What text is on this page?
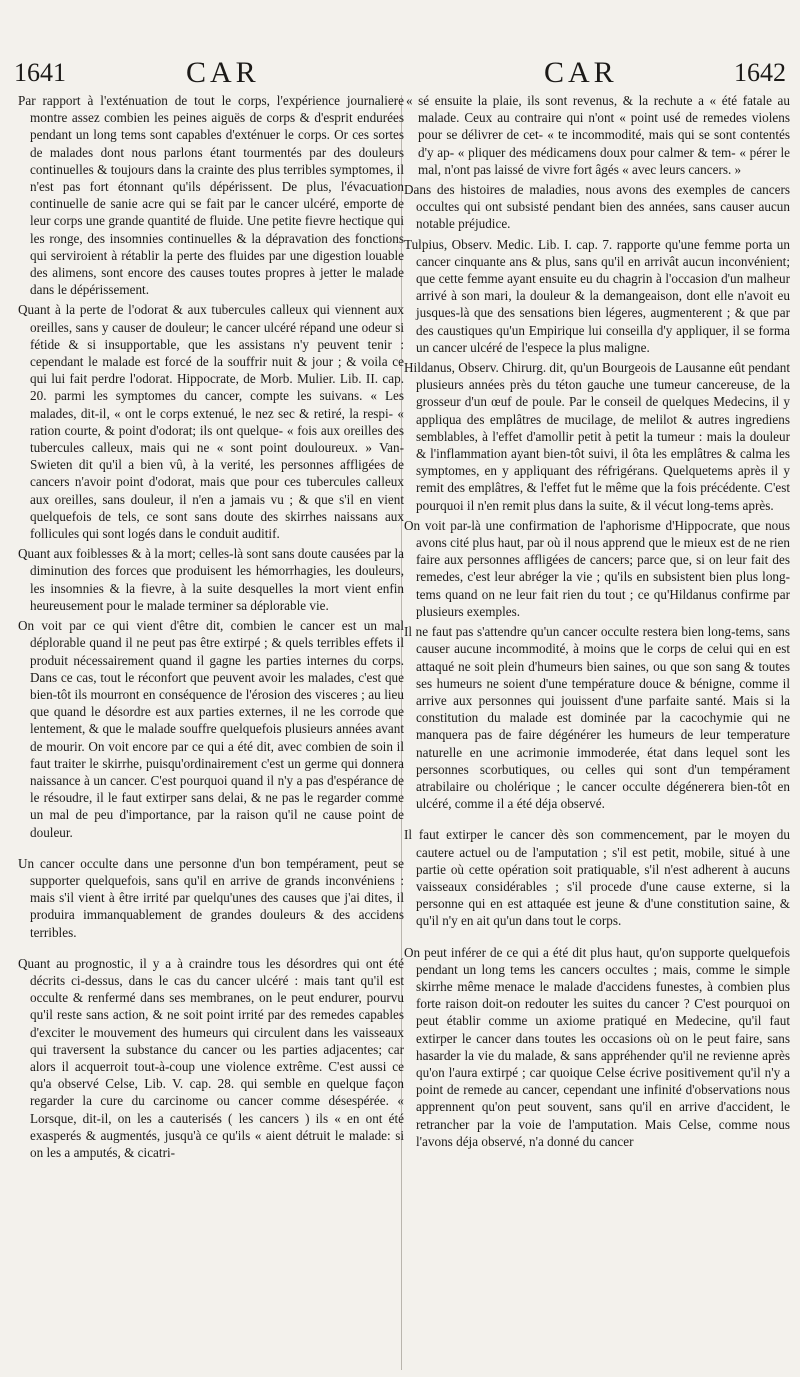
1641	CAR	CAR	1642

Par rapport à l'exténuation de tout le corps, l'expérience journaliere montre assez combien les peines aiguës de corps & d'esprit endurées pendant un long tems sont capables d'exténuer le corps. Or ces sortes de malades dont nous parlons étant tourmentés par des douleurs continuelles & toujours dans la crainte des plus terribles symptomes, il n'est pas fort étonnant qu'ils dépérissent. De plus, l'évacuation continuelle de sanie acre qui se fait par le cancer ulcéré, emporte de leur corps une grande quantité de fluide. Une petite fievre hectique qui les ronge, des insomnies continuelles & la dépravation des fonctions qui serviroient à rétablir la perte des fluides par une digestion louable des alimens, sont encore des causes toutes propres à jetter le malade dans le dépérissement.

Quant à la perte de l'odorat & aux tubercules calleux qui viennent aux oreilles, sans y causer de douleur; le cancer ulcéré répand une odeur si fétide & si insupportable, que les assistans n'y peuvent tenir : cependant le malade est forcé de la souffrir nuit & jour ; & voila ce qui lui fait perdre l'odorat. Hippocrate, de Morb. Mulier. Lib. II. cap. 20. parmi les symptomes du cancer, compte les suivans. « Les malades, dit-il, « ont le corps extenué, le nez sec & retiré, la respi- « ration courte, & point d'odorat; ils ont quelque- « fois aux oreilles des tubercules calleux, mais qui ne « sont point douloureux. » Van-Swieten dit qu'il a bien vû, à la verité, les personnes affligées de cancers n'avoir point d'odorat, mais que pour ces tubercules calleux aux oreilles, sans douleur, il n'en a jamais vu ; & que s'il en vient quelquefois de tels, ce sont sans doute des skirrhes naissans aux follicules qui sont logés dans le conduit auditif.

Quant aux foiblesses & à la mort; celles-là sont sans doute causées par la diminution des forces que produisent les hémorrhagies, les douleurs, les insomnies & la fievre, à la suite desquelles la mort vient enfin heureusement pour le malade terminer sa déplorable vie.

On voit par ce qui vient d'être dit, combien le cancer est un mal déplorable quand il ne peut pas être extirpé ; & quels terribles effets il produit nécessairement quand il gagne les parties internes du corps. Dans ce cas, tout le réconfort que peuvent avoir les malades, c'est que bien-tôt ils mourront en conséquence de l'érosion des visceres ; au lieu que quand le désordre est aux parties externes, il ne les corrode que lentement, & que le malade souffre quelquefois plusieurs années avant de mourir. On voit encore par ce qui a été dit, avec combien de soin il faut traiter le skirrhe, puisqu'ordinairement c'est un germe qui donnera naissance à un cancer. C'est pourquoi quand il n'y a pas d'espérance de le résoudre, il le faut extirper sans delai, & ne pas le regarder comme un mal de peu d'importance, par la raison qu'il ne cause point de douleur.

Un cancer occulte dans une personne d'un bon tempérament, peut se supporter quelquefois, sans qu'il en arrive de grands inconvéniens : mais s'il vient à être irrité par quelqu'unes des causes que j'ai dites, il produira immanquablement de grandes douleurs & des accidens terribles.

Quant au prognostic, il y a à craindre tous les désordres qui ont été décrits ci-dessus, dans le cas du cancer ulcéré : mais tant qu'il est occulte & renfermé dans ses membranes, on le peut endurer, pourvu qu'il reste sans action, & ne soit point irrité par des remedes capables d'exciter le mouvement des humeurs qui circulent dans les vaisseaux qui traversent la substance du cancer ou les parties adjacentes; car alors il acquerroit tout-à-coup une violence extrême. C'est aussi ce qu'a observé Celse, Lib. V. cap. 28. qui semble en quelque façon regarder la cure du carcinome ou cancer comme désespérée. « Lorsque, dit-il, on les a cauterisés ( les cancers ) ils « en ont été exasperés & augmentés, jusqu'à ce qu'ils « aient détruit le malade: si on les a amputés, & cicatri-

« sé ensuite la plaie, ils sont revenus, & la rechute a « été fatale au malade. Ceux au contraire qui n'ont « point usé de remedes violens pour se délivrer de cet- « te incommodité, mais qui se sont contentés d'y ap- « pliquer des médicamens doux pour calmer & tem- « pérer le mal, n'ont pas laissé de vivre fort âgés « avec leurs cancers. »

Dans des histoires de maladies, nous avons des exemples de cancers occultes qui ont subsisté pendant bien des années, sans causer aucun notable préjudice.

Tulpius, Observ. Medic. Lib. I. cap. 7. rapporte qu'une femme porta un cancer cinquante ans & plus, sans qu'il en arrivât aucun inconvénient; que cette femme ayant ensuite eu du chagrin à l'occasion d'un malheur arrivé à son mari, la douleur & la demangeaison, dont elle n'avoit eu jusques-là que des sensations bien légeres, augmenterent ; & que par des caustiques qu'un Empirique lui conseilla d'y appliquer, il se forma un cancer ulcéré de l'espece la plus maligne.

Hildanus, Observ. Chirurg. dit, qu'un Bourgeois de Lausanne eût pendant plusieurs années près du téton gauche une tumeur cancereuse, de la grosseur d'un œuf de poule. Par le conseil de quelques Medecins, il y appliqua des emplâtres de mucilage, de melilot & autres ingrediens semblables, à l'effet d'amollir petit à petit la tumeur : mais la douleur & l'inflammation ayant bien-tôt suivi, il ôta les emplâtres & calma les symptomes, en y appliquant des réfrigérans. Quelquetems après il y remit des emplâtres, & l'effet fut le même que la fois précédente. C'est pourquoi il n'en remit plus dans la suite, & il vécut long-tems après.

On voit par-là une confirmation de l'aphorisme d'Hippocrate, que nous avons cité plus haut, par où il nous apprend que le mieux est de ne rien faire aux personnes affligées de cancers; parce que, si on leur fait des remedes, c'est leur abréger la vie ; qu'ils en subsistent bien plus long-tems quand on ne leur fait rien du tout ; ce qu'Hildanus confirme par plusieurs exemples.

Il ne faut pas s'attendre qu'un cancer occulte restera bien long-tems, sans causer aucune incommodité, à moins que le corps de celui qui en est attaqué ne soit plein d'humeurs bien saines, ou que son sang & toutes ses humeurs ne soient d'une température douce & bénigne, comme il arrive aux personnes qui jouissent d'une parfaite santé. Mais si la constitution du malade est dominée par la cacochymie qui ne manquera pas de faire dégénérer les humeurs de leur temperature naturelle en une acrimonie immoderée, état dans lequel sont les personnes scorbutiques, ou celles qui sont d'un tempérament atrabilaire ou cholérique ; le cancer occulte dégénerera bien-tôt en ulcéré, comme il a été déja observé.

Il faut extirper le cancer dès son commencement, par le moyen du cautere actuel ou de l'amputation ; s'il est petit, mobile, situé à une partie où cette opération soit pratiquable, s'il n'est adherent à aucuns vaisseaux considérables ; s'il procede d'une cause externe, si la personne qui en est attaquée est jeune & d'une constitution saine, & qu'il n'y en ait qu'un dans tout le corps.

On peut inférer de ce qui a été dit plus haut, qu'on supporte quelquefois pendant un long tems les cancers occultes ; mais, comme le simple skirrhe même menace le malade d'accidens funestes, à combien plus forte raison doit-on redouter les suites du cancer ? C'est pourquoi on peut établir comme un axiome pratiqué en Medecine, qu'il faut extirper le cancer dans toutes les occasions où on le peut faire, sans hasarder la vie du malade, & sans appréhender qu'il ne revienne après qu'on l'aura extirpé ; car quoique Celse écrive positivement qu'il n'y a point de remede au cancer, cependant une infinité d'observations nous apprennent qu'on peut souvent, sans qu'il en arrive d'accident, le retrancher par la voie de l'amputation. Mais Celse, comme nous l'avons déja observé, n'a donné du cancer
